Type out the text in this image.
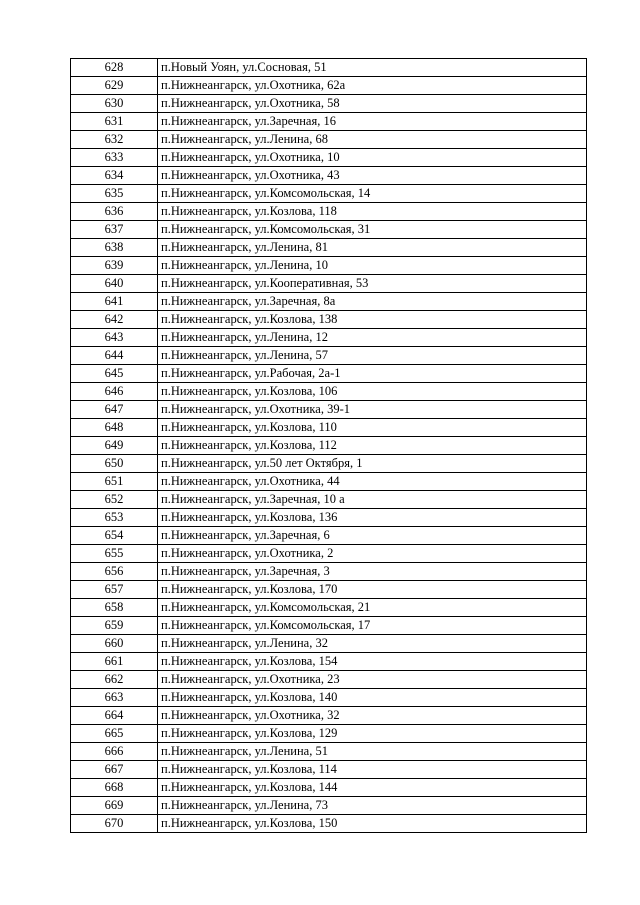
628	п.Новый Уоян, ул.Сосновая, 51
629	п.Нижнеангарск, ул.Охотника, 62а
630	п.Нижнеангарск, ул.Охотника, 58
631	п.Нижнеангарск, ул.Заречная, 16
632	п.Нижнеангарск, ул.Ленина, 68
633	п.Нижнеангарск, ул.Охотника, 10
634	п.Нижнеангарск, ул.Охотника, 43
635	п.Нижнеангарск, ул.Комсомольская, 14
636	п.Нижнеангарск, ул.Козлова, 118
637	п.Нижнеангарск, ул.Комсомольская, 31
638	п.Нижнеангарск, ул.Ленина, 81
639	п.Нижнеангарск, ул.Ленина, 10
640	п.Нижнеангарск, ул.Кооперативная, 53
641	п.Нижнеангарск, ул.Заречная, 8а
642	п.Нижнеангарск, ул.Козлова, 138
643	п.Нижнеангарск, ул.Ленина, 12
644	п.Нижнеангарск, ул.Ленина, 57
645	п.Нижнеангарск, ул.Рабочая, 2а-1
646	п.Нижнеангарск, ул.Козлова, 106
647	п.Нижнеангарск, ул.Охотника, 39-1
648	п.Нижнеангарск, ул.Козлова, 110
649	п.Нижнеангарск, ул.Козлова, 112
650	п.Нижнеангарск, ул.50 лет Октября, 1
651	п.Нижнеангарск, ул.Охотника, 44
652	п.Нижнеангарск, ул.Заречная, 10 а
653	п.Нижнеангарск, ул.Козлова, 136
654	п.Нижнеангарск, ул.Заречная, 6
655	п.Нижнеангарск, ул.Охотника, 2
656	п.Нижнеангарск, ул.Заречная, 3
657	п.Нижнеангарск, ул.Козлова, 170
658	п.Нижнеангарск, ул.Комсомольская, 21
659	п.Нижнеангарск, ул.Комсомольская, 17
660	п.Нижнеангарск, ул.Ленина, 32
661	п.Нижнеангарск, ул.Козлова, 154
662	п.Нижнеангарск, ул.Охотника, 23
663	п.Нижнеангарск, ул.Козлова, 140
664	п.Нижнеангарск, ул.Охотника, 32
665	п.Нижнеангарск, ул.Козлова, 129
666	п.Нижнеангарск, ул.Ленина, 51
667	п.Нижнеангарск, ул.Козлова, 114
668	п.Нижнеангарск, ул.Козлова, 144
669	п.Нижнеангарск, ул.Ленина, 73
670	п.Нижнеангарск, ул.Козлова, 150
